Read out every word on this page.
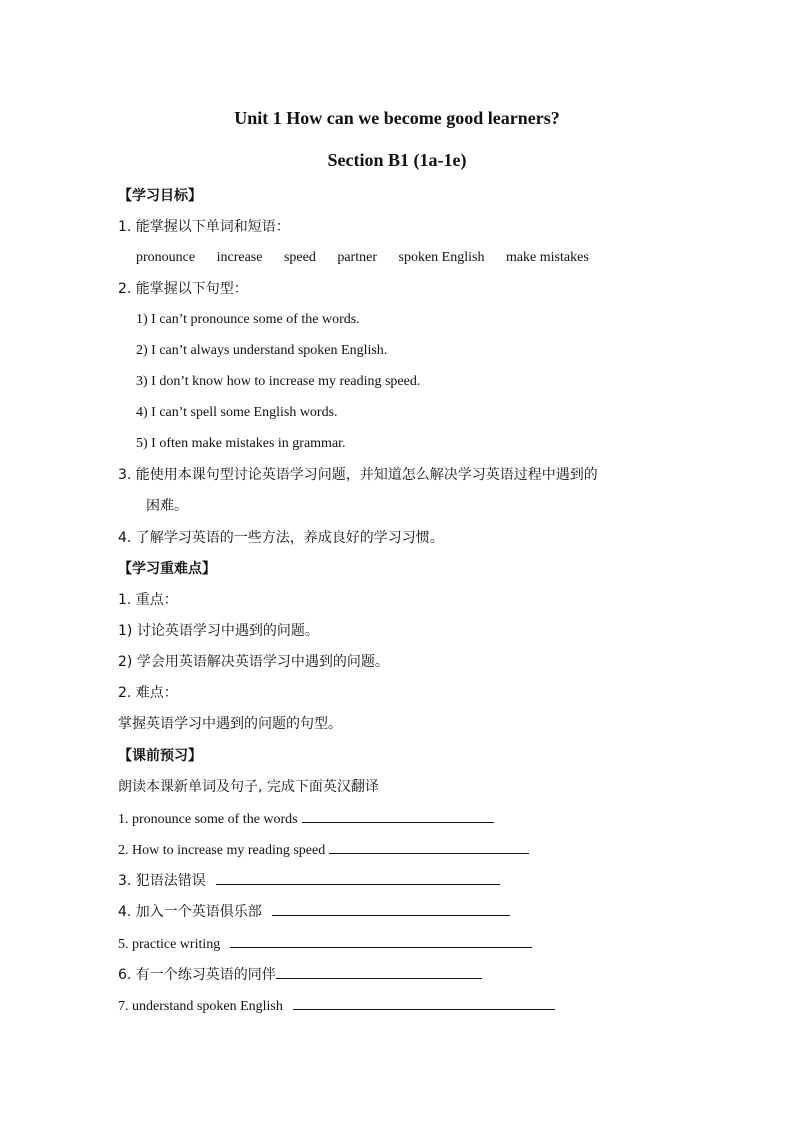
Unit 1 How can we become good learners?
Section B1 (1a-1e)
【学习目标】
1. 能掌握以下单词和短语：
pronounce increase speed partner spoken English make mistakes
2. 能掌握以下句型：
1) I can’t pronounce some of the words.
2) I can’t always understand spoken English.
3) I don’t know how to increase my reading speed.
4) I can’t spell some English words.
5) I often make mistakes in grammar.
3. 能使用本课句型讨论英语学习问题，并知道怎么解决学习英语过程中遇到的
困难。
4. 了解学习英语的一些方法，养成良好的学习习惯。
【学习重难点】
1. 重点：
1) 讨论英语学习中遇到的问题。
2) 学会用英语解决英语学习中遇到的问题。
2. 难点：
掌握英语学习中遇到的问题的句型。
【课前预习】
朗读本课新单词及句子, 完成下面英汉翻译
1. pronounce some of the words
2. How to increase my reading speed
3. 犯语法错误
4. 加入一个英语俱乐部
5. practice writing
6. 有一个练习英语的同伴
7. understand spoken English
